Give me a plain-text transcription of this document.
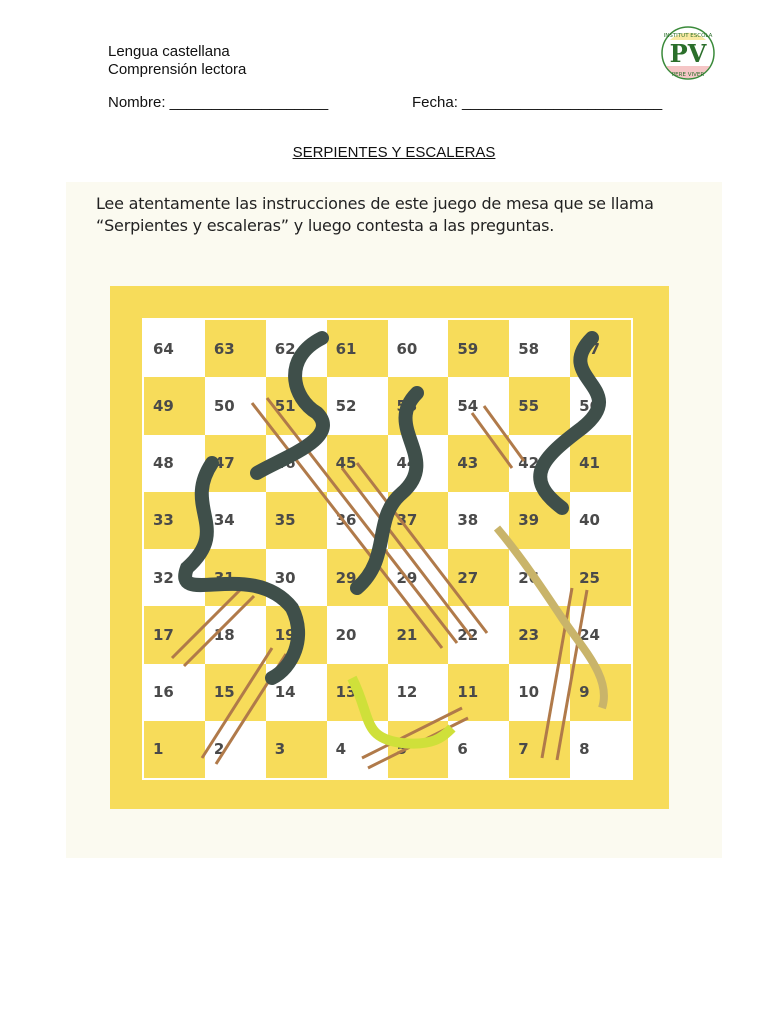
Lengua castellana
Comprensión lectora
Nombre: ___________________	Fecha: ________________________
PV
INSTITUT ESCOLA
PERE VIVER
SERPIENTES Y ESCALERAS
Lee atentamente las instrucciones de este juego de mesa que se llama “Serpientes y escaleras” y luego contesta a las preguntas.
64	63	62	61	60	59	58	57
49	50	51	52	53	54	55	56
48	47	46	45	44	43	42	41
33	34	35	36	37	38	39	40
32	31	30	29	29	27	26	25
17	18	19	20	21	22	23	24
16	15	14	13	12	11	10	9
1	2	3	4	5	6	7	8
